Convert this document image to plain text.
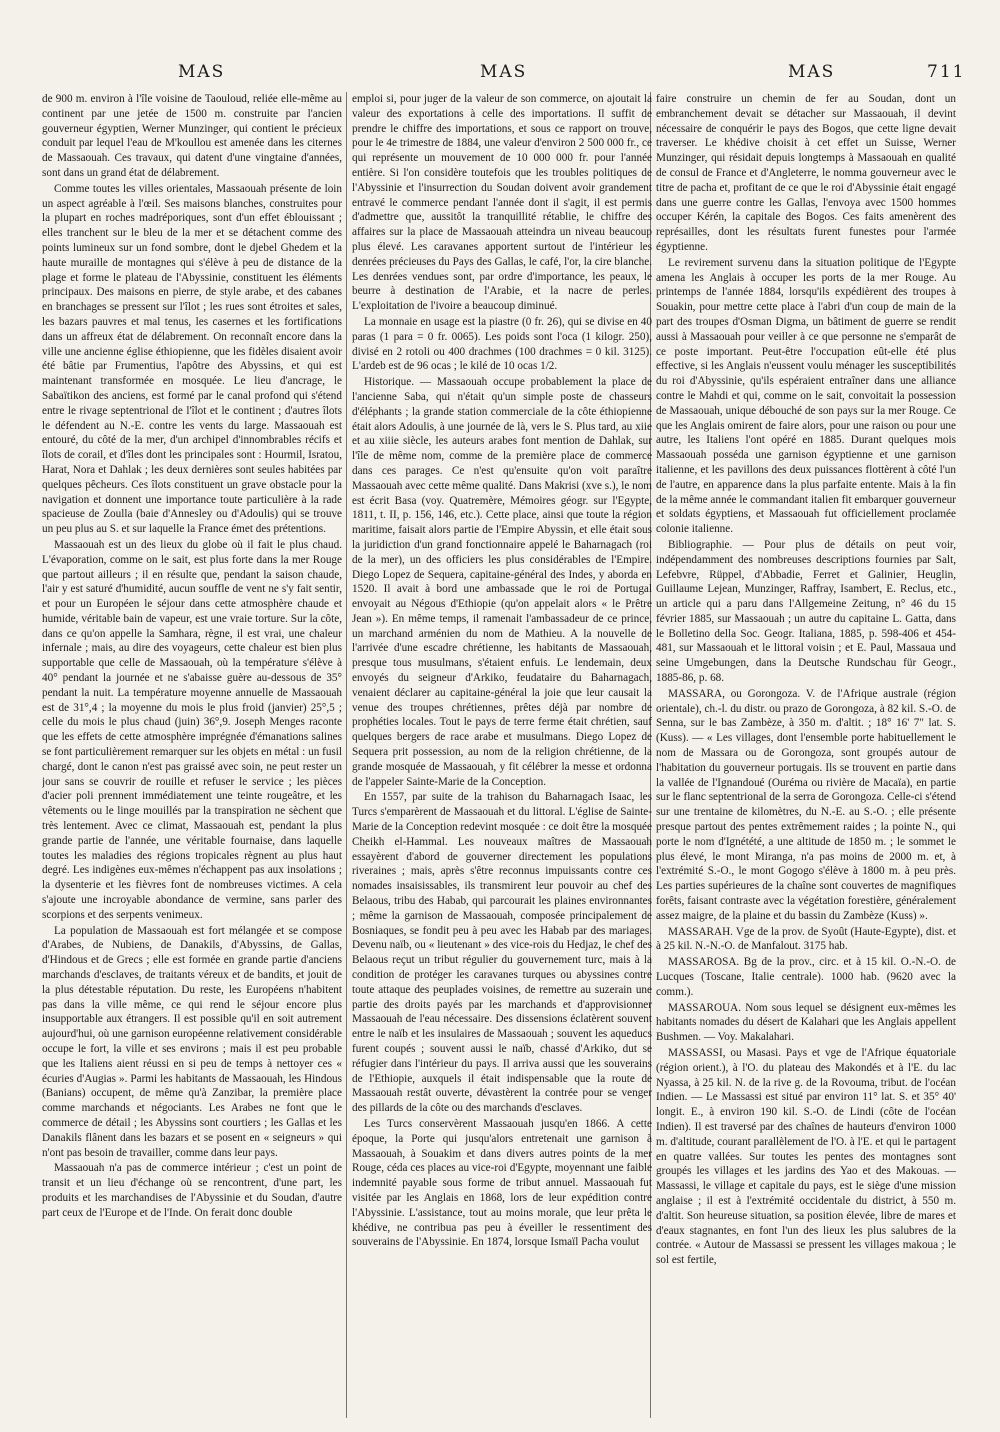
MAS	MAS	MAS	711

de 900 m. environ à l'île voisine de Taouloud, reliée elle-même au continent par une jetée de 1500 m. construite par l'ancien gouverneur égyptien, Werner Munzinger, qui contient le précieux conduit par lequel l'eau de M'koullou est amenée dans les citernes de Massaouah. Ces travaux, qui datent d'une vingtaine d'années, sont dans un grand état de délabrement.

Comme toutes les villes orientales, Massaouah présente de loin un aspect agréable à l'œil. Ses maisons blanches, construites pour la plupart en roches madréporiques, sont d'un effet éblouissant ; elles tranchent sur le bleu de la mer et se détachent comme des points lumineux sur un fond sombre, dont le djebel Ghedem et la haute muraille de montagnes qui s'élève à peu de distance de la plage et forme le plateau de l'Abyssinie, constituent les éléments principaux. Des maisons en pierre, de style arabe, et des cabanes en branchages se pressent sur l'îlot ; les rues sont étroites et sales, les bazars pauvres et mal tenus, les casernes et les fortifications dans un affreux état de délabrement. On reconnaît encore dans la ville une ancienne église éthiopienne, que les fidèles disaient avoir été bâtie par Frumentius, l'apôtre des Abyssins, et qui est maintenant transformée en mosquée. Le lieu d'ancrage, le Sabaïtikon des anciens, est formé par le canal profond qui s'étend entre le rivage septentrional de l'îlot et le continent ; d'autres îlots le défendent au N.-E. contre les vents du large. Massaouah est entouré, du côté de la mer, d'un archipel d'innombrables récifs et îlots de corail, et d'îles dont les principales sont : Hourmil, Isratou, Harat, Nora et Dahlak ; les deux dernières sont seules habitées par quelques pêcheurs. Ces îlots constituent un grave obstacle pour la navigation et donnent une importance toute particulière à la rade spacieuse de Zoulla (baie d'Annesley ou d'Adoulis) qui se trouve un peu plus au S. et sur laquelle la France émet des prétentions.

Massaouah est un des lieux du globe où il fait le plus chaud. L'évaporation, comme on le sait, est plus forte dans la mer Rouge que partout ailleurs ; il en résulte que, pendant la saison chaude, l'air y est saturé d'humidité, aucun souffle de vent ne s'y fait sentir, et pour un Européen le séjour dans cette atmosphère chaude et humide, véritable bain de vapeur, est une vraie torture. Sur la côte, dans ce qu'on appelle la Samhara, règne, il est vrai, une chaleur infernale ; mais, au dire des voyageurs, cette chaleur est bien plus supportable que celle de Massaouah, où la température s'élève à 40° pendant la journée et ne s'abaisse guère au-dessous de 35° pendant la nuit. La température moyenne annuelle de Massaouah est de 31°,4 ; la moyenne du mois le plus froid (janvier) 25°,5 ; celle du mois le plus chaud (juin) 36°,9. Joseph Menges raconte que les effets de cette atmosphère imprégnée d'émanations salines se font particulièrement remarquer sur les objets en métal : un fusil chargé, dont le canon n'est pas graissé avec soin, ne peut rester un jour sans se couvrir de rouille et refuser le service ; les pièces d'acier poli prennent immédiatement une teinte rougeâtre, et les vêtements ou le linge mouillés par la transpiration ne sèchent que très lentement. Avec ce climat, Massaouah est, pendant la plus grande partie de l'année, une véritable fournaise, dans laquelle toutes les maladies des régions tropicales règnent au plus haut degré. Les indigènes eux-mêmes n'échappent pas aux insolations ; la dysenterie et les fièvres font de nombreuses victimes. A cela s'ajoute une incroyable abondance de vermine, sans parler des scorpions et des serpents venimeux.

La population de Massaouah est fort mélangée et se compose d'Arabes, de Nubiens, de Danakils, d'Abyssins, de Gallas, d'Hindous et de Grecs ; elle est formée en grande partie d'anciens marchands d'esclaves, de traitants véreux et de bandits, et jouit de la plus détestable réputation. Du reste, les Européens n'habitent pas dans la ville même, ce qui rend le séjour encore plus insupportable aux étrangers. Il est possible qu'il en soit autrement aujourd'hui, où une garnison européenne relativement considérable occupe le fort, la ville et ses environs ; mais il est peu probable que les Italiens aient réussi en si peu de temps à nettoyer ces « écuries d'Augias ». Parmi les habitants de Massaouah, les Hindous (Banians) occupent, de même qu'à Zanzibar, la première place comme marchands et négociants. Les Arabes ne font que le commerce de détail ; les Abyssins sont courtiers ; les Gallas et les Danakils flânent dans les bazars et se posent en « seigneurs » qui n'ont pas besoin de travailler, comme dans leur pays.

Massaouah n'a pas de commerce intérieur ; c'est un point de transit et un lieu d'échange où se rencontrent, d'une part, les produits et les marchandises de l'Abyssinie et du Soudan, d'autre part ceux de l'Europe et de l'Inde. On ferait donc double

emploi si, pour juger de la valeur de son commerce, on ajoutait la valeur des exportations à celle des importations. Il suffit de prendre le chiffre des importations, et sous ce rapport on trouve, pour le 4e trimestre de 1884, une valeur d'environ 2 500 000 fr., ce qui représente un mouvement de 10 000 000 fr. pour l'année entière. Si l'on considère toutefois que les troubles politiques de l'Abyssinie et l'insurrection du Soudan doivent avoir grandement entravé le commerce pendant l'année dont il s'agit, il est permis d'admettre que, aussitôt la tranquillité rétablie, le chiffre des affaires sur la place de Massaouah atteindra un niveau beaucoup plus élevé. Les caravanes apportent surtout de l'intérieur les denrées précieuses du Pays des Gallas, le café, l'or, la cire blanche. Les denrées vendues sont, par ordre d'importance, les peaux, le beurre à destination de l'Arabie, et la nacre de perles. L'exploitation de l'ivoire a beaucoup diminué.

La monnaie en usage est la piastre (0 fr. 26), qui se divise en 40 paras (1 para = 0 fr. 0065). Les poids sont l'oca (1 kilogr. 250), divisé en 2 rotoli ou 400 drachmes (100 drachmes = 0 kil. 3125). L'ardeb est de 96 ocas ; le kilé de 10 ocas 1/2.

Historique. — Massaouah occupe probablement la place de l'ancienne Saba, qui n'était qu'un simple poste de chasseurs d'éléphants ; la grande station commerciale de la côte éthiopienne était alors Adoulis, à une journée de là, vers le S. Plus tard, au xiie et au xiiie siècle, les auteurs arabes font mention de Dahlak, sur l'île de même nom, comme de la première place de commerce dans ces parages. Ce n'est qu'ensuite qu'on voit paraître Massaouah avec cette même qualité. Dans Makrisi (xve s.), le nom est écrit Basa (voy. Quatremère, Mémoires géogr. sur l'Egypte, 1811, t. II, p. 156, 146, etc.). Cette place, ainsi que toute la région maritime, faisait alors partie de l'Empire Abyssin, et elle était sous la juridiction d'un grand fonctionnaire appelé le Baharnagach (roi de la mer), un des officiers les plus considérables de l'Empire. Diego Lopez de Sequera, capitaine-général des Indes, y aborda en 1520. Il avait à bord une ambassade que le roi de Portugal envoyait au Négous d'Ethiopie (qu'on appelait alors « le Prêtre Jean »). En même temps, il ramenait l'ambassadeur de ce prince, un marchand arménien du nom de Mathieu. A la nouvelle de l'arrivée d'une escadre chrétienne, les habitants de Massaouah, presque tous musulmans, s'étaient enfuis. Le lendemain, deux envoyés du seigneur d'Arkiko, feudataire du Baharnagach, venaient déclarer au capitaine-général la joie que leur causait la venue des troupes chrétiennes, prêtes déjà par nombre de prophéties locales. Tout le pays de terre ferme était chrétien, sauf quelques bergers de race arabe et musulmans. Diego Lopez de Sequera prit possession, au nom de la religion chrétienne, de la grande mosquée de Massaouah, y fit célébrer la messe et ordonna de l'appeler Sainte-Marie de la Conception.

En 1557, par suite de la trahison du Baharnagach Isaac, les Turcs s'emparèrent de Massaouah et du littoral. L'église de Sainte-Marie de la Conception redevint mosquée : ce doit être la mosquée Cheikh el-Hammal. Les nouveaux maîtres de Massaouah essayèrent d'abord de gouverner directement les populations riveraines ; mais, après s'être reconnus impuissants contre ces nomades insaisissables, ils transmirent leur pouvoir au chef des Belaous, tribu des Habab, qui parcourait les plaines environnantes ; même la garnison de Massaouah, composée principalement de Bosniaques, se fondit peu à peu avec les Habab par des mariages. Devenu naïb, ou « lieutenant » des vice-rois du Hedjaz, le chef des Belaous reçut un tribut régulier du gouvernement turc, mais à la condition de protéger les caravanes turques ou abyssines contre toute attaque des peuplades voisines, de remettre au suzerain une partie des droits payés par les marchands et d'approvisionner Massaouah de l'eau nécessaire. Des dissensions éclatèrent souvent entre le naïb et les insulaires de Massaouah ; souvent les aqueducs furent coupés ; souvent aussi le naïb, chassé d'Arkiko, dut se réfugier dans l'intérieur du pays. Il arriva aussi que les souverains de l'Ethiopie, auxquels il était indispensable que la route de Massaouah restât ouverte, dévastèrent la contrée pour se venger des pillards de la côte ou des marchands d'esclaves.

Les Turcs conservèrent Massaouah jusqu'en 1866. A cette époque, la Porte qui jusqu'alors entretenait une garnison à Massaouah, à Souakim et dans divers autres points de la mer Rouge, céda ces places au vice-roi d'Egypte, moyennant une faible indemnité payable sous forme de tribut annuel. Massaouah fut visitée par les Anglais en 1868, lors de leur expédition contre l'Abyssinie. L'assistance, tout au moins morale, que leur prêta le khédive, ne contribua pas peu à éveiller le ressentiment des souverains de l'Abyssinie. En 1874, lorsque Ismaïl Pacha voulut

faire construire un chemin de fer au Soudan, dont un embranchement devait se détacher sur Massaouah, il devint nécessaire de conquérir le pays des Bogos, que cette ligne devait traverser. Le khédive choisit à cet effet un Suisse, Werner Munzinger, qui résidait depuis longtemps à Massaouah en qualité de consul de France et d'Angleterre, le nomma gouverneur avec le titre de pacha et, profitant de ce que le roi d'Abyssinie était engagé dans une guerre contre les Gallas, l'envoya avec 1500 hommes occuper Kérén, la capitale des Bogos. Ces faits amenèrent des représailles, dont les résultats furent funestes pour l'armée égyptienne.

Le revirement survenu dans la situation politique de l'Egypte amena les Anglais à occuper les ports de la mer Rouge. Au printemps de l'année 1884, lorsqu'ils expédièrent des troupes à Souakin, pour mettre cette place à l'abri d'un coup de main de la part des troupes d'Osman Digma, un bâtiment de guerre se rendit aussi à Massaouah pour veiller à ce que personne ne s'emparât de ce poste important. Peut-être l'occupation eût-elle été plus effective, si les Anglais n'eussent voulu ménager les susceptibilités du roi d'Abyssinie, qu'ils espéraient entraîner dans une alliance contre le Mahdi et qui, comme on le sait, convoitait la possession de Massaouah, unique débouché de son pays sur la mer Rouge. Ce que les Anglais omirent de faire alors, pour une raison ou pour une autre, les Italiens l'ont opéré en 1885. Durant quelques mois Massaouah posséda une garnison égyptienne et une garnison italienne, et les pavillons des deux puissances flottèrent à côté l'un de l'autre, en apparence dans la plus parfaite entente. Mais à la fin de la même année le commandant italien fit embarquer gouverneur et soldats égyptiens, et Massaouah fut officiellement proclamée colonie italienne.

Bibliographie. — Pour plus de détails on peut voir, indépendamment des nombreuses descriptions fournies par Salt, Lefebvre, Rüppel, d'Abbadie, Ferret et Galinier, Heuglin, Guillaume Lejean, Munzinger, Raffray, Isambert, E. Reclus, etc., un article qui a paru dans l'Allgemeine Zeitung, n° 46 du 15 février 1885, sur Massaouah ; un autre du capitaine L. Gatta, dans le Bolletino della Soc. Geogr. Italiana, 1885, p. 598-406 et 454-481, sur Massaouah et le littoral voisin ; et E. Paul, Massaua und seine Umgebungen, dans la Deutsche Rundschau für Geogr., 1885-86, p. 68.

MASSARA, ou Gorongoza. V. de l'Afrique australe (région orientale), ch.-l. du distr. ou prazo de Gorongoza, à 82 kil. S.-O. de Senna, sur le bas Zambèze, à 350 m. d'altit. ; 18° 16' 7" lat. S. (Kuss). — « Les villages, dont l'ensemble porte habituellement le nom de Massara ou de Gorongoza, sont groupés autour de l'habitation du gouverneur portugais. Ils se trouvent en partie dans la vallée de l'Ignandoué (Ouréma ou rivière de Macaïa), en partie sur le flanc septentrional de la serra de Gorongoza. Celle-ci s'étend sur une trentaine de kilomètres, du N.-E. au S.-O. ; elle présente presque partout des pentes extrêmement raides ; la pointe N., qui porte le nom d'Ignétété, a une altitude de 1850 m. ; le sommet le plus élevé, le mont Miranga, n'a pas moins de 2000 m. et, à l'extrémité S.-O., le mont Gogogo s'élève à 1800 m. à peu près. Les parties supérieures de la chaîne sont couvertes de magnifiques forêts, faisant contraste avec la végétation forestière, généralement assez maigre, de la plaine et du bassin du Zambèze (Kuss) ».

MASSARAH. Vge de la prov. de Syoût (Haute-Egypte), dist. et à 25 kil. N.-N.-O. de Manfalout. 3175 hab.

MASSAROSA. Bg de la prov., circ. et à 15 kil. O.-N.-O. de Lucques (Toscane, Italie centrale). 1000 hab. (9620 avec la comm.).

MASSAROUA. Nom sous lequel se désignent eux-mêmes les habitants nomades du désert de Kalahari que les Anglais appellent Bushmen. — Voy. Makalahari.

MASSASSI, ou Masasi. Pays et vge de l'Afrique équatoriale (région orient.), à l'O. du plateau des Makondés et à l'E. du lac Nyassa, à 25 kil. N. de la rive g. de la Rovouma, tribut. de l'océan Indien. — Le Massassi est situé par environ 11° lat. S. et 35° 40' longit. E., à environ 190 kil. S.-O. de Lindi (côte de l'océan Indien). Il est traversé par des chaînes de hauteurs d'environ 1000 m. d'altitude, courant parallèlement de l'O. à l'E. et qui le partagent en quatre vallées. Sur toutes les pentes des montagnes sont groupés les villages et les jardins des Yao et des Makouas. — Massassi, le village et capitale du pays, est le siège d'une mission anglaise ; il est à l'extrémité occidentale du district, à 550 m. d'altit. Son heureuse situation, sa position élevée, libre de mares et d'eaux stagnantes, en font l'un des lieux les plus salubres de la contrée. « Autour de Massassi se pressent les villages makoua ; le sol est fertile,
